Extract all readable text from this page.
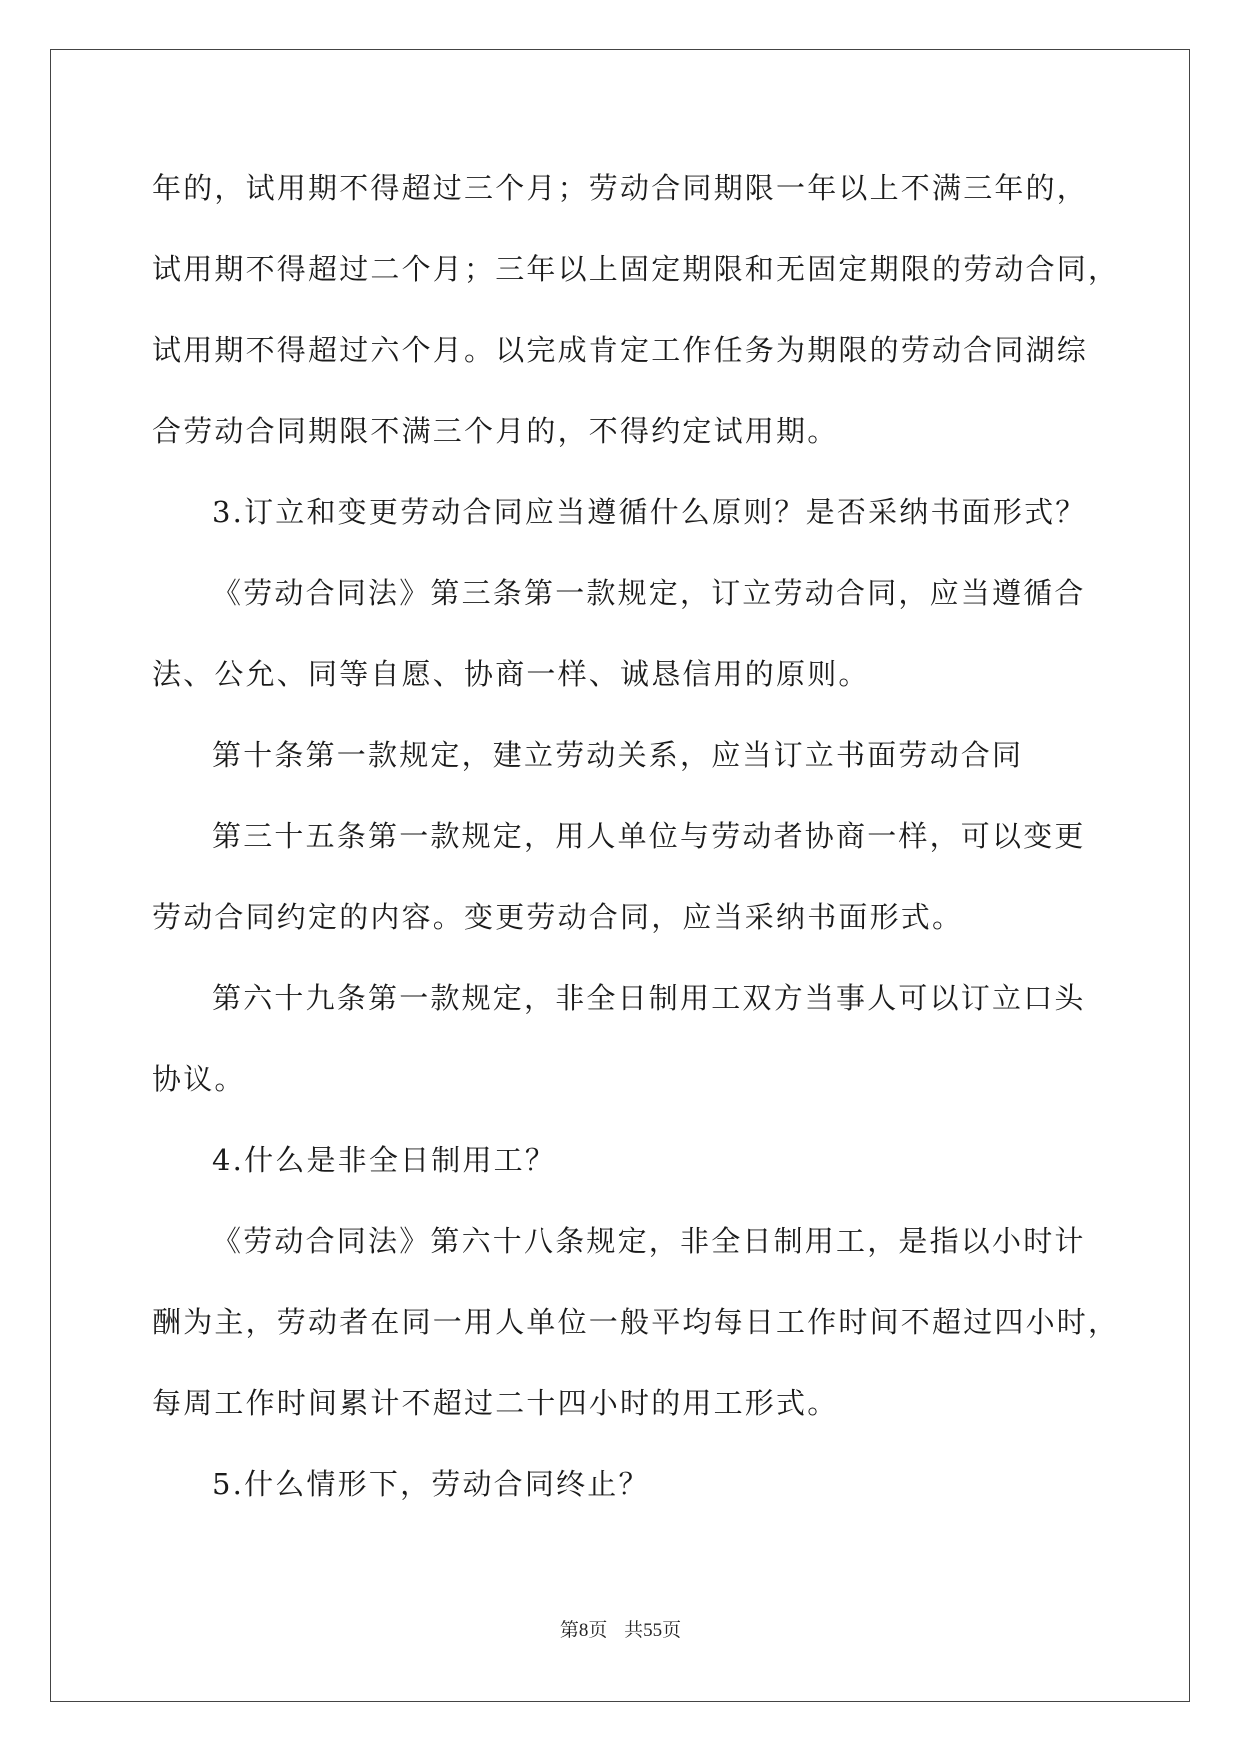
年的，试用期不得超过三个月；劳动合同期限一年以上不满三年的，
试用期不得超过二个月；三年以上固定期限和无固定期限的劳动合同，
试用期不得超过六个月。以完成肯定工作任务为期限的劳动合同湖综
合劳动合同期限不满三个月的，不得约定试用期。
3.订立和变更劳动合同应当遵循什么原则？是否采纳书面形式？
《劳动合同法》第三条第一款规定，订立劳动合同，应当遵循合
法、公允、同等自愿、协商一样、诚恳信用的原则。
第十条第一款规定，建立劳动关系，应当订立书面劳动合同
第三十五条第一款规定，用人单位与劳动者协商一样，可以变更
劳动合同约定的内容。变更劳动合同，应当采纳书面形式。
第六十九条第一款规定，非全日制用工双方当事人可以订立口头
协议。
4.什么是非全日制用工？
《劳动合同法》第六十八条规定，非全日制用工，是指以小时计
酬为主，劳动者在同一用人单位一般平均每日工作时间不超过四小时，
每周工作时间累计不超过二十四小时的用工形式。
5.什么情形下，劳动合同终止？
第8页 共55页
